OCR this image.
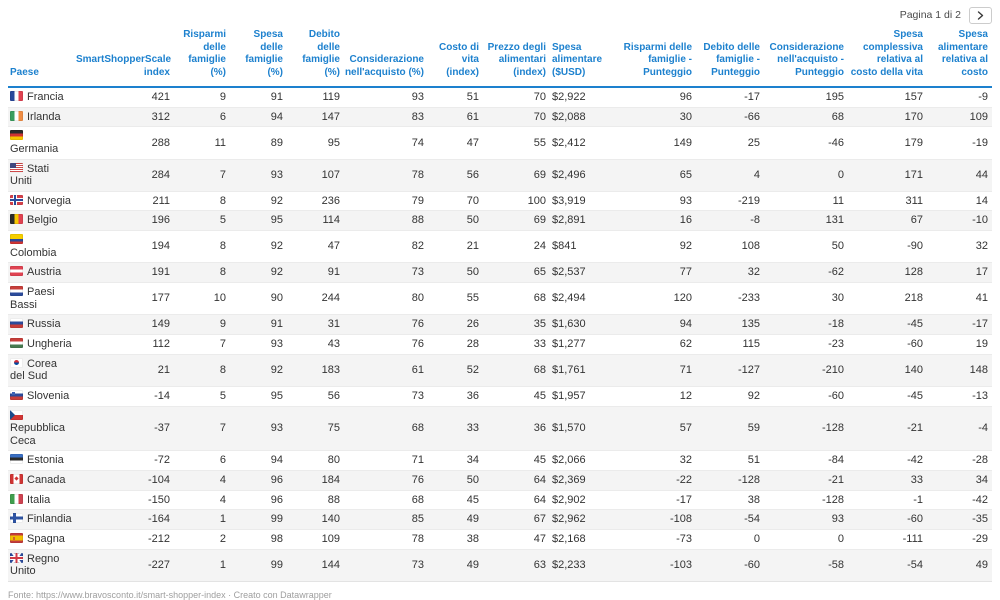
Pagina 1 di 2
Paese	SmartShopperScale index	Risparmi delle famiglie (%)	Spesa delle famiglie (%)	Debito delle famiglie (%)	Considerazione nell'acquisto (%)	Costo di vita (index)	Prezzo degli alimentari (index)	Spesa alimentare ($USD)	Risparmi delle famiglie - Punteggio	Debito delle famiglie - Punteggio	Considerazione nell'acquisto - Punteggio	Spesa complessiva relativa al costo della vita	Spesa alimentare relativa al costo
Francia	421	9	91	119	93	51	70	$2,922	96	-17	195	157	-9
Irlanda	312	6	94	147	83	61	70	$2,088	30	-66	68	170	109
Germania	288	11	89	95	74	47	55	$2,412	149	25	-46	179	-19
Stati Uniti	284	7	93	107	78	56	69	$2,496	65	4	0	171	44
Norvegia	211	8	92	236	79	70	100	$3,919	93	-219	11	311	14
Belgio	196	5	95	114	88	50	69	$2,891	16	-8	131	67	-10
Colombia	194	8	92	47	82	21	24	$841	92	108	50	-90	32
Austria	191	8	92	91	73	50	65	$2,537	77	32	-62	128	17
Paesi Bassi	177	10	90	244	80	55	68	$2,494	120	-233	30	218	41
Russia	149	9	91	31	76	26	35	$1,630	94	135	-18	-45	-17
Ungheria	112	7	93	43	76	28	33	$1,277	62	115	-23	-60	19
Corea del Sud	21	8	92	183	61	52	68	$1,761	71	-127	-210	140	148
Slovenia	-14	5	95	56	73	36	45	$1,957	12	92	-60	-45	-13
Repubblica Ceca	-37	7	93	75	68	33	36	$1,570	57	59	-128	-21	-4
Estonia	-72	6	94	80	71	34	45	$2,066	32	51	-84	-42	-28
Canada	-104	4	96	184	76	50	64	$2,369	-22	-128	-21	33	34
Italia	-150	4	96	88	68	45	64	$2,902	-17	38	-128	-1	-42
Finlandia	-164	1	99	140	85	49	67	$2,962	-108	-54	93	-60	-35
Spagna	-212	2	98	109	78	38	47	$2,168	-73	0	0	-111	-29
Regno Unito	-227	1	99	144	73	49	63	$2,233	-103	-60	-58	-54	49
Fonte: https://www.bravosconto.it/smart-shopper-index · Creato con Datawrapper
